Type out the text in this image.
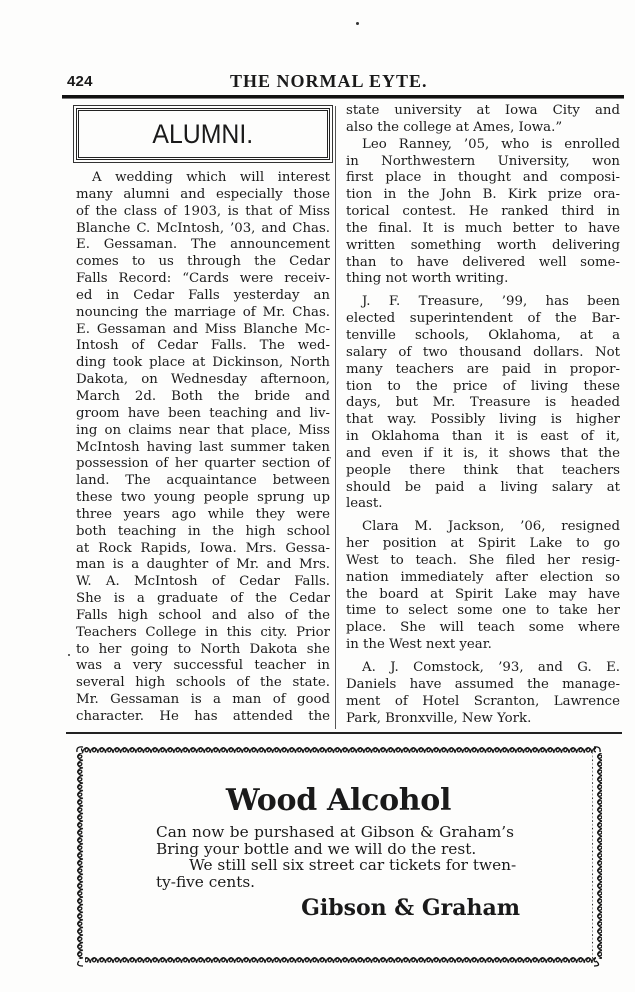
424	THE NORMAL EYTE.
ALUMNI.

A wedding which will interest
many alumni and especially those
of the class of 1903, is that of Miss
Blanche C. McIntosh, ’03, and Chas.
E. Gessaman. The announcement
comes to us through the Cedar
Falls Record: “Cards were receiv-
ed in Cedar Falls yesterday an
nouncing the marriage of Mr. Chas.
E. Gessaman and Miss Blanche Mc-
Intosh of Cedar Falls. The wed-
ding took place at Dickinson, North
Dakota, on Wednesday afternoon,
March 2d. Both the bride and
groom have been teaching and liv-
ing on claims near that place, Miss
McIntosh having last summer taken
possession of her quarter section of
land. The acquaintance between
these two young people sprung up
three years ago while they were
both teaching in the high school
at Rock Rapids, Iowa. Mrs. Gessa-
man is a daughter of Mr. and Mrs.
W. A. McIntosh of Cedar Falls.
She is a graduate of the Cedar
Falls high school and also of the
Teachers College in this city. Prior
to her going to North Dakota she
was a very successful teacher in
several high schools of the state.
Mr. Gessaman is a man of good
character. He has attended the

state university at Iowa City and
also the college at Ames, Iowa.”

Leo Ranney, ’05, who is enrolled
in Northwestern University, won
first place in thought and composi-
tion in the John B. Kirk prize ora-
torical contest. He ranked third in
the final. It is much better to have
written something worth delivering
than to have delivered well some-
thing not worth writing.

J. F. Treasure, ’99, has been
elected superintendent of the Bar-
tenville schools, Oklahoma, at a
salary of two thousand dollars. Not
many teachers are paid in propor-
tion to the price of living these
days, but Mr. Treasure is headed
that way. Possibly living is higher
in Oklahoma than it is east of it,
and even if it is, it shows that the
people there think that teachers
should be paid a living salary at
least.

Clara M. Jackson, ’06, resigned
her position at Spirit Lake to go
West to teach. She filed her resig-
nation immediately after election so
the board at Spirit Lake may have
time to select some one to take her
place. She will teach some where
in the West next year.

A. J. Comstock, ’93, and G. E.
Daniels have assumed the manage-
ment of Hotel Scranton, Lawrence
Park, Bronxville, New York.

Wood Alcohol
Can now be purshased at Gibson & Graham’s
Bring your bottle and we will do the rest.
We still sell six street car tickets for twen-
ty-five cents.
Gibson & Graham
